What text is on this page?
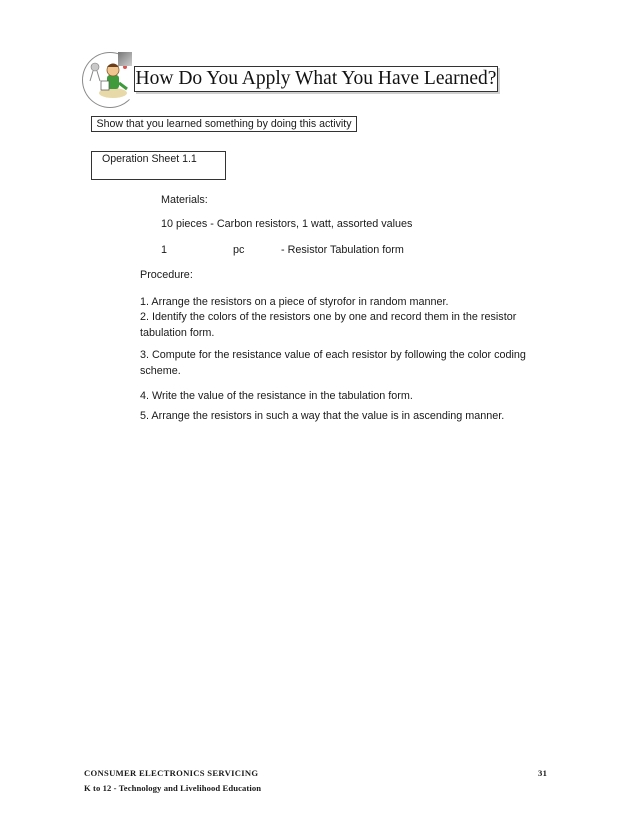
How Do You Apply What You Have Learned?
Show that you learned something by doing this activity
Operation Sheet 1.1
Materials:
10 pieces - Carbon resistors, 1 watt, assorted values
1	pc	- Resistor Tabulation form
Procedure:
1. Arrange the resistors on a piece of styrofor in random manner.
2. Identify the colors of the resistors one by one and record them in the resistor tabulation form.
3. Compute for the resistance value of each resistor by following the color coding scheme.
4. Write the value of the resistance in the tabulation form.
5. Arrange the resistors in such a way that the value is in ascending manner.
CONSUMER ELECTRONICS SERVICING
K to 12 - Technology and Livelihood Education
31
